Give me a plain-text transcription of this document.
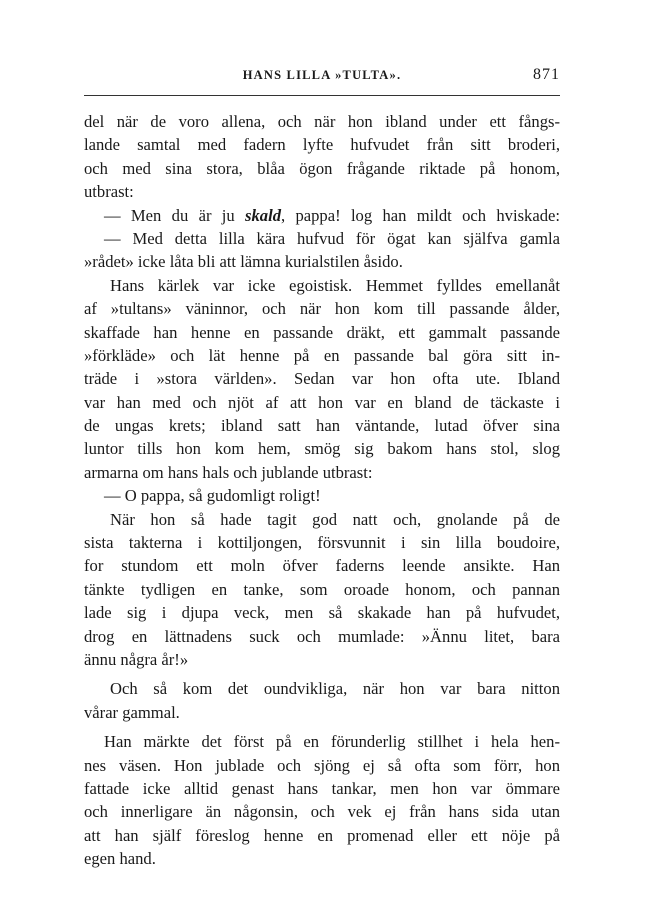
HANS LILLA »TULTA».	871
del när de voro allena, och när hon ibland under ett fångs-
lande samtal med fadern lyfte hufvudet från sitt broderi,
och med sina stora, blåa ögon frågande riktade på honom,
utbrast:
— Men du är ju skald, pappa! log han mildt och hviskade:
— Med detta lilla kära hufvud för ögat kan själfva gamla
»rådet» icke låta bli att lämna kurialstilen åsido.
Hans kärlek var icke egoistisk. Hemmet fylldes emellanåt
af »tultans» väninnor, och när hon kom till passande ålder,
skaffade han henne en passande dräkt, ett gammalt passande
»förkläde» och lät henne på en passande bal göra sitt in-
träde i »stora världen». Sedan var hon ofta ute. Ibland
var han med och njöt af att hon var en bland de täckaste i
de ungas krets; ibland satt han väntande, lutad öfver sina
luntor tills hon kom hem, smög sig bakom hans stol, slog
armarna om hans hals och jublande utbrast:
— O pappa, så gudomligt roligt!
När hon så hade tagit god natt och, gnolande på de
sista takterna i kottiljongen, försvunnit i sin lilla boudoire,
for stundom ett moln öfver faderns leende ansikte. Han
tänkte tydligen en tanke, som oroade honom, och pannan
lade sig i djupa veck, men så skakade han på hufvudet,
drog en lättnadens suck och mumlade: »Ännu litet, bara
ännu några år!»
Och så kom det oundvikliga, när hon var bara nitton
vårar gammal.
Han märkte det först på en förunderlig stillhet i hela hen-
nes väsen. Hon jublade och sjöng ej så ofta som förr, hon
fattade icke alltid genast hans tankar, men hon var ömmare
och innerligare än någonsin, och vek ej från hans sida utan
att han själf föreslog henne en promenad eller ett nöje på
egen hand.
